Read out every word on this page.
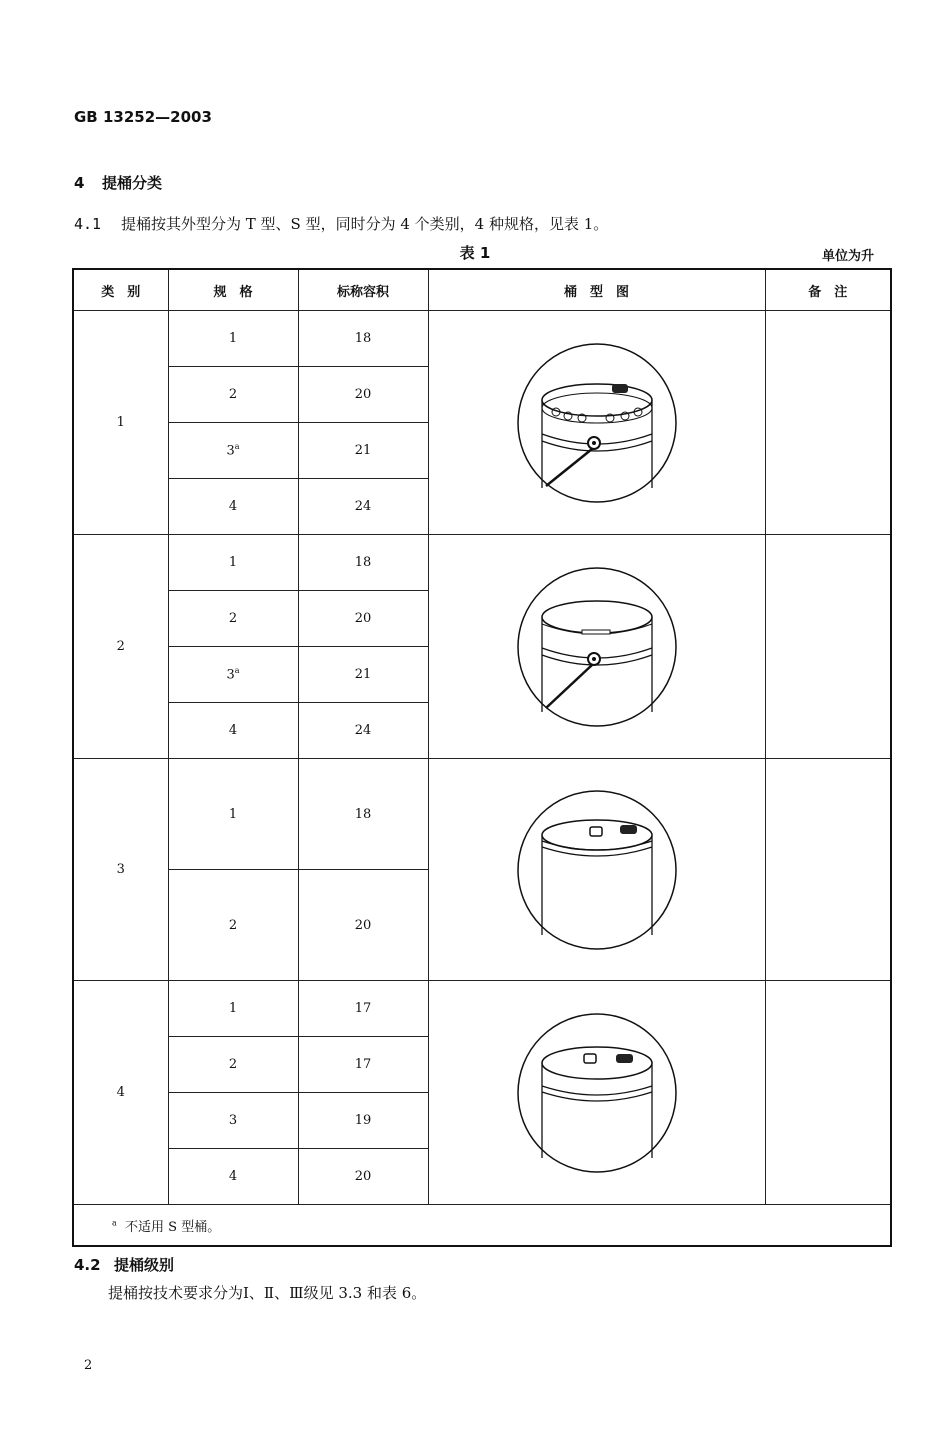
GB 13252—2003
4 提桶分类
4.1 提桶按其外型分为 T 型、S 型，同时分为 4 个类别，4 种规格，见表 1。
表 1	单位为升
类　别	规　格	标称容积	桶　型　图	备　注
1	1	18	

	2	20		
	3$^a$	21		
	4	24		
2	1	18	

	2	20		
	3$^a$	21		
	4	24		
3	1	18	

	2	20		
4	1	17	

	2	17		
	3	19		
	4	20		
$^a$ 不适用 S 型桶。				
4.2 提桶级别
提桶按技术要求分为Ⅰ、Ⅱ、Ⅲ级见 3.3 和表 6。
2
